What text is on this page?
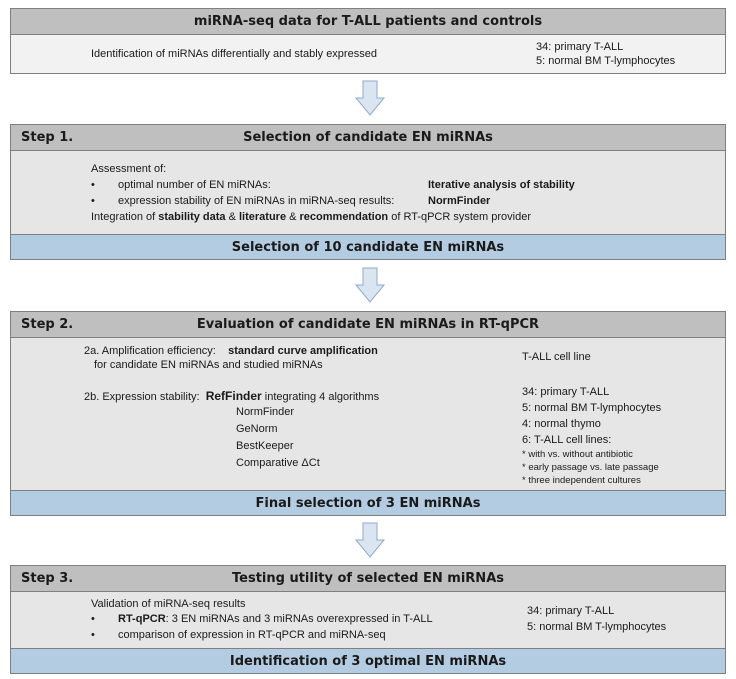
miRNA-seq data for T-ALL patients and controls
Identification of miRNAs differentially and stably expressed
34: primary T-ALL
5: normal BM T-lymphocytes
Step 1.	Selection of candidate EN miRNAs
Assessment of:
• optimal number of EN miRNAs:	Iterative analysis of stability
• expression stability of EN miRNAs in miRNA-seq results:	NormFinder
Integration of stability data & literature & recommendation of RT-qPCR system provider
Selection of 10 candidate EN miRNAs
Step 2.	Evaluation of candidate EN miRNAs in RT-qPCR
2a. Amplification efficiency: standard curve amplification
for candidate EN miRNAs and studied miRNAs
T-ALL cell line
2b. Expression stability: RefFinder integrating 4 algorithms
NormFinder
GeNorm
BestKeeper
Comparative ΔCt
34: primary T-ALL
5: normal BM T-lymphocytes
4: normal thymo
6: T-ALL cell lines:
* with vs. without antibiotic
* early passage vs. late passage
* three independent cultures
Final selection of 3 EN miRNAs
Step 3.	Testing utility of selected EN miRNAs
Validation of miRNA-seq results
• RT-qPCR: 3 EN miRNAs and 3 miRNAs overexpressed in T-ALL
• comparison of expression in RT-qPCR and miRNA-seq
34: primary T-ALL
5: normal BM T-lymphocytes
Identification of 3 optimal EN miRNAs
